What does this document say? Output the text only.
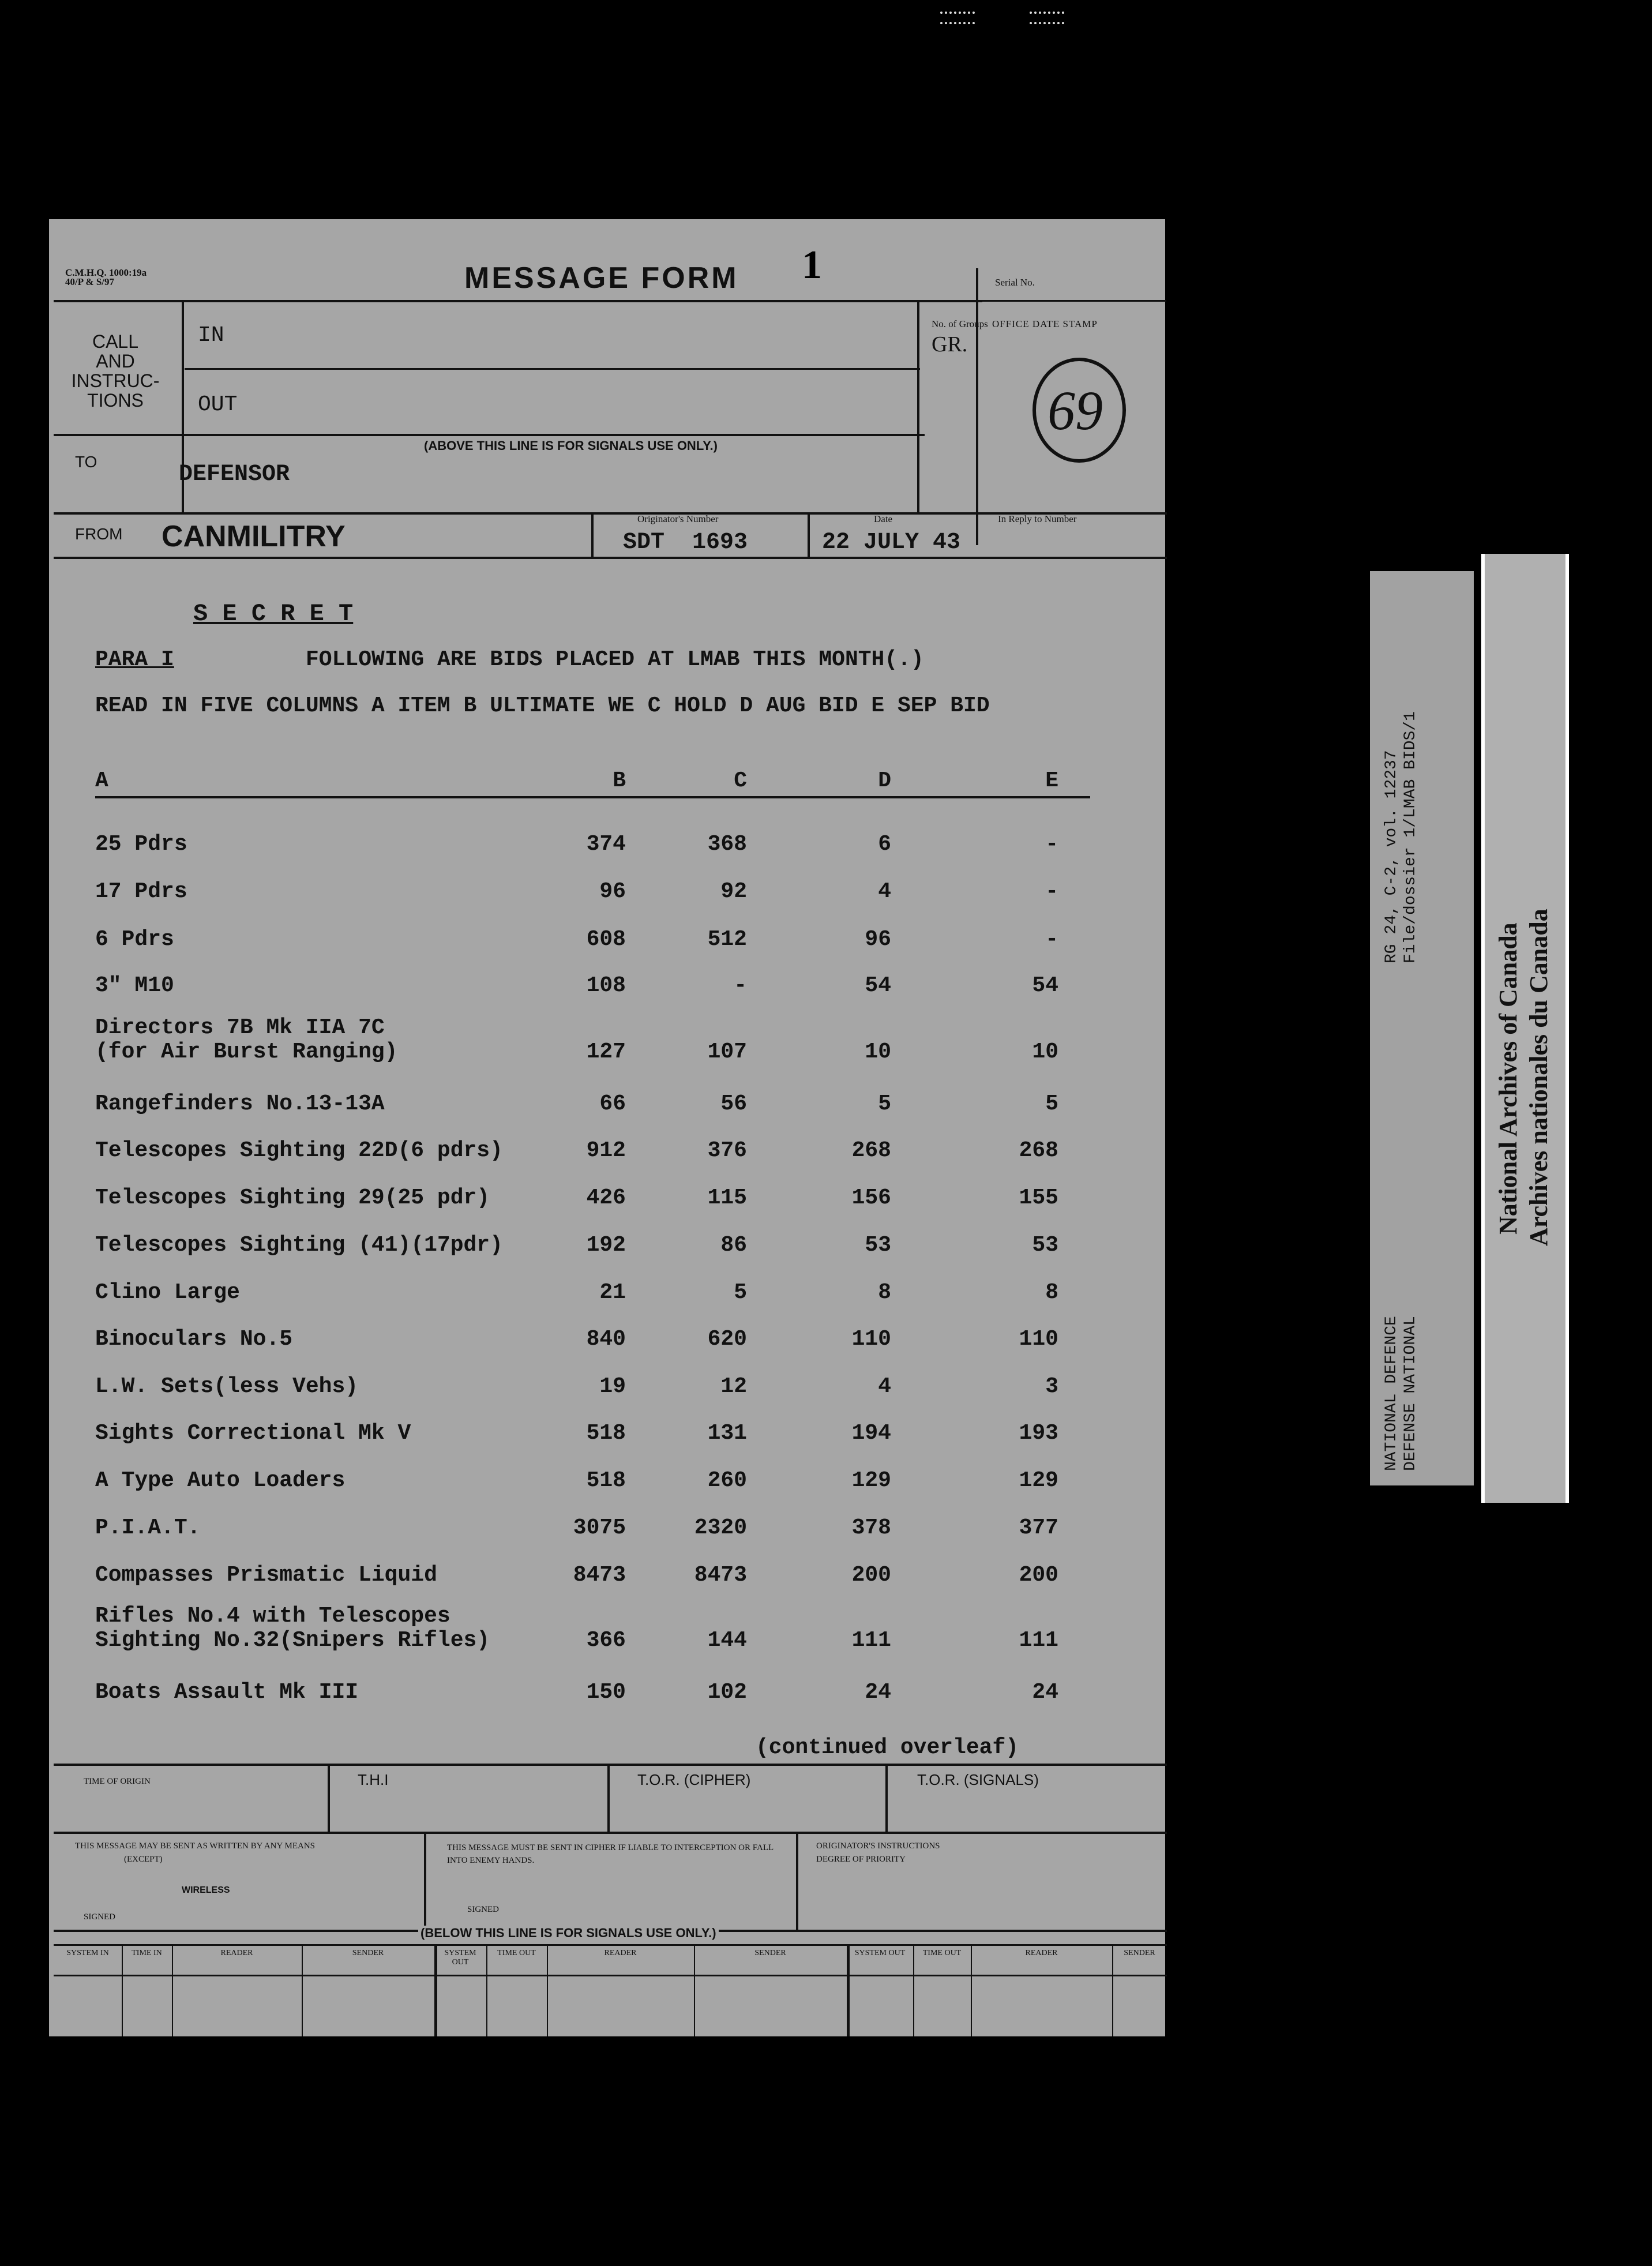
C.M.H.Q. 1000:19a
40/P & S/97	MESSAGE FORM 1	Serial No.
CALL
AND
INSTRUC-
TIONS
IN
OUT
No. of Groups
GR.
OFFICE DATE STAMP
69
(ABOVE THIS LINE IS FOR SIGNALS USE ONLY.)
TO	DEFENSOR
FROM CANMILITRY
Originator's Number
SDT  1693
Date
22 JULY 43
In Reply to Number
S E C R E T
PARA I	FOLLOWING ARE BIDS PLACED AT LMAB THIS MONTH(.)
READ IN FIVE COLUMNS A ITEM B ULTIMATE WE C HOLD D AUG BID E SEP BID
A	B	C	D	E
25 Pdrs	374	368	6	-
17 Pdrs	96	92	4	-
6 Pdrs	608	512	96	-
3" M10	108	-	54	54
Directors 7B Mk IIA 7C
(for Air Burst Ranging)	127	107	10	10
Rangefinders No.13-13A	66	56	5	5
Telescopes Sighting 22D(6 pdrs)	912	376	268	268
Telescopes Sighting 29(25 pdr)	426	115	156	155
Telescopes Sighting (41)(17pdr)	192	86	53	53
Clino Large	21	5	8	8
Binoculars No.5	840	620	110	110
L.W. Sets(less Vehs)	19	12	4	3
Sights Correctional Mk V	518	131	194	193
A Type Auto Loaders	518	260	129	129
P.I.A.T.	3075	2320	378	377
Compasses Prismatic Liquid	8473	8473	200	200
Rifles No.4 with Telescopes
Sighting No.32(Snipers Rifles)	366	144	111	111
Boats Assault Mk III	150	102	24	24
(continued overleaf)
TIME OF ORIGIN	T.H.I	T.O.R. (CIPHER)	T.O.R. (SIGNALS)
THIS MESSAGE MAY BE SENT AS WRITTEN BY ANY MEANS
(EXCEPT)
WIRELESS
SIGNED
THIS MESSAGE MUST BE SENT IN CIPHER IF LIABLE TO INTERCEPTION OR FALL INTO ENEMY HANDS.
SIGNED
ORIGINATOR'S INSTRUCTIONS
DEGREE OF PRIORITY
(BELOW THIS LINE IS FOR SIGNALS USE ONLY.)
SYSTEM IN	TIME IN	READER	SENDER	SYSTEM OUT
TIME OUT	READER	SENDER	SYSTEM OUT	TIME OUT	READER	SENDER
RG 24, C-2, vol. 12237 File/dossier 1/LMAB BIDS/1
NATIONAL DEFENCE DEFENSE NATIONAL
National Archives of Canada Archives nationales du Canada
